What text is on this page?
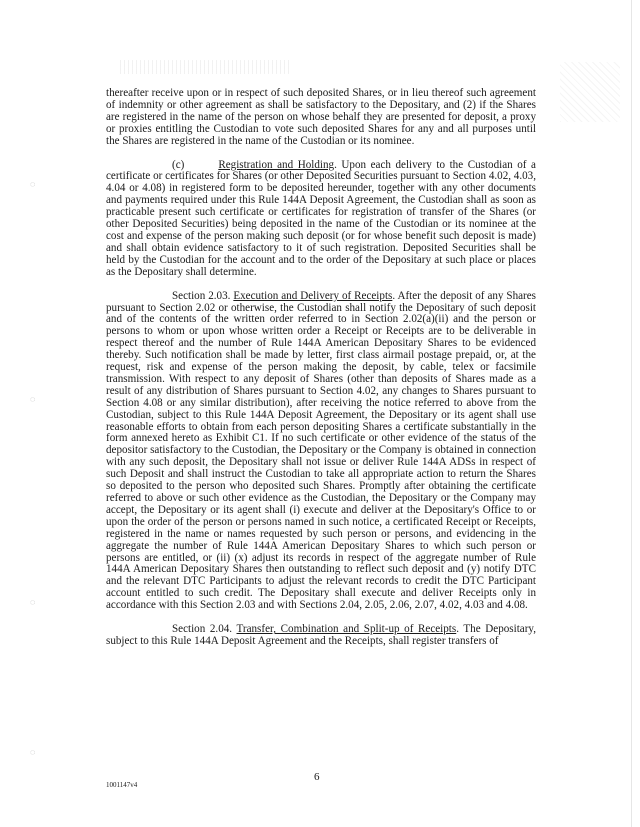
◌
◌
◌
◌

thereafter receive upon or in respect of such deposited Shares, or in lieu thereof such agreement of indemnity or other agreement as shall be satisfactory to the Depositary, and (2) if the Shares are registered in the name of the person on whose behalf they are presented for deposit, a proxy or proxies entitling the Custodian to vote such deposited Shares for any and all purposes until the Shares are registered in the name of the Custodian or its nominee.

(c)	Registration and Holding. Upon each delivery to the Custodian of a certificate or certificates for Shares (or other Deposited Securities pursuant to Section 4.02, 4.03, 4.04 or 4.08) in registered form to be deposited hereunder, together with any other documents and payments required under this Rule 144A Deposit Agreement, the Custodian shall as soon as practicable present such certificate or certificates for registration of transfer of the Shares (or other Deposited Securities) being deposited in the name of the Custodian or its nominee at the cost and expense of the person making such deposit (or for whose benefit such deposit is made) and shall obtain evidence satisfactory to it of such registration. Deposited Securities shall be held by the Custodian for the account and to the order of the Depositary at such place or places as the Depositary shall determine.

Section 2.03. Execution and Delivery of Receipts. After the deposit of any Shares pursuant to Section 2.02 or otherwise, the Custodian shall notify the Depositary of such deposit and of the contents of the written order referred to in Section 2.02(a)(ii) and the person or persons to whom or upon whose written order a Receipt or Receipts are to be deliverable in respect thereof and the number of Rule 144A American Depositary Shares to be evidenced thereby. Such notification shall be made by letter, first class airmail postage prepaid, or, at the request, risk and expense of the person making the deposit, by cable, telex or facsimile transmission. With respect to any deposit of Shares (other than deposits of Shares made as a result of any distribution of Shares pursuant to Section 4.02, any changes to Shares pursuant to Section 4.08 or any similar distribution), after receiving the notice referred to above from the Custodian, subject to this Rule 144A Deposit Agreement, the Depositary or its agent shall use reasonable efforts to obtain from each person depositing Shares a certificate substantially in the form annexed hereto as Exhibit C1. If no such certificate or other evidence of the status of the depositor satisfactory to the Custodian, the Depositary or the Company is obtained in connection with any such deposit, the Depositary shall not issue or deliver Rule 144A ADSs in respect of such Deposit and shall instruct the Custodian to take all appropriate action to return the Shares so deposited to the person who deposited such Shares. Promptly after obtaining the certificate referred to above or such other evidence as the Custodian, the Depositary or the Company may accept, the Depositary or its agent shall (i) execute and deliver at the Depositary's Office to or upon the order of the person or persons named in such notice, a certificated Receipt or Receipts, registered in the name or names requested by such person or persons, and evidencing in the aggregate the number of Rule 144A American Depositary Shares to which such person or persons are entitled, or (ii) (x) adjust its records in respect of the aggregate number of Rule 144A American Depositary Shares then outstanding to reflect such deposit and (y) notify DTC and the relevant DTC Participants to adjust the relevant records to credit the DTC Participant account entitled to such credit. The Depositary shall execute and deliver Receipts only in accordance with this Section 2.03 and with Sections 2.04, 2.05, 2.06, 2.07, 4.02, 4.03 and 4.08.

Section 2.04. Transfer, Combination and Split-up of Receipts. The Depositary, subject to this Rule 144A Deposit Agreement and the Receipts, shall register transfers of

6
1001147v4
